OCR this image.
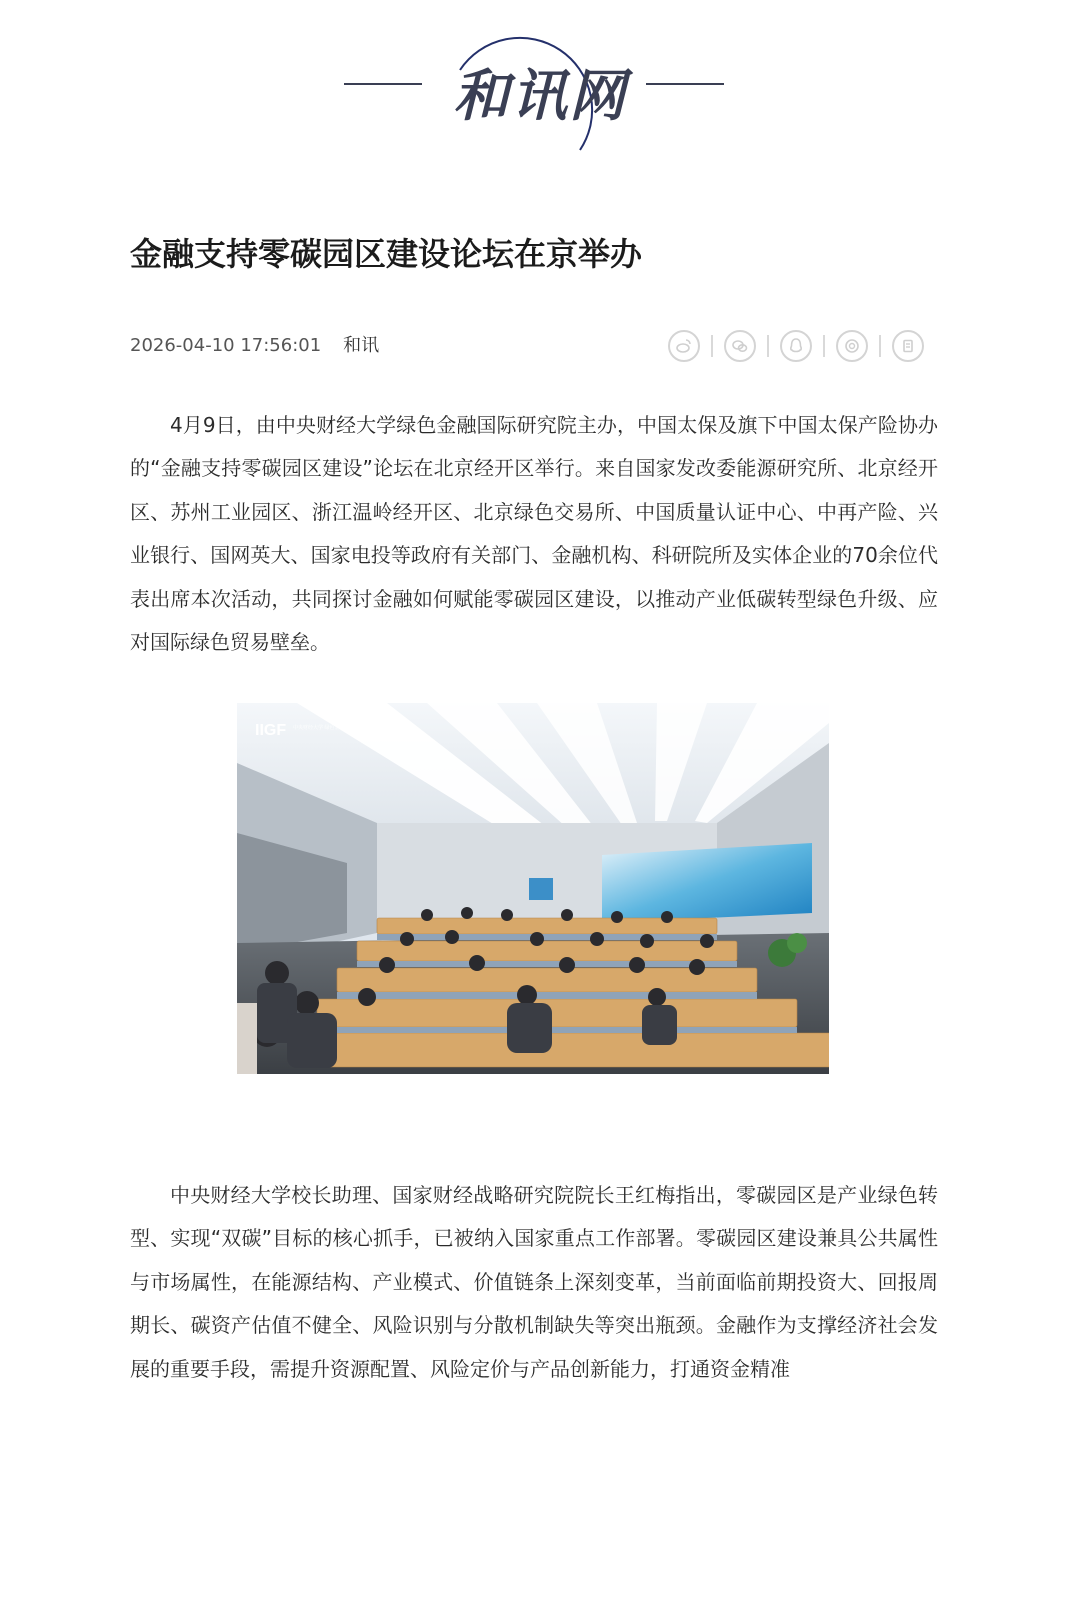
和讯网
金融支持零碳园区建设论坛在京举办
2026-04-10 17:56:01 和讯

4月9日，由中央财经大学绿色金融国际研究院主办，中国太保及旗下中国太保产险协办的“金融支持零碳园区建设”论坛在北京经开区举行。来自国家发改委能源研究所、北京经开区、苏州工业园区、浙江温岭经开区、北京绿色交易所、中国质量认证中心、中再产险、兴业银行、国网英大、国家电投等政府有关部门、金融机构、科研院所及实体企业的70余位代表出席本次活动，共同探讨金融如何赋能零碳园区建设，以推动产业低碳转型绿色升级、应对国际绿色贸易壁垒。

IIGF 中央财经大学 绿色金融国际研究院

中央财经大学校长助理、国家财经战略研究院院长王红梅指出，零碳园区是产业绿色转型、实现“双碳”目标的核心抓手，已被纳入国家重点工作部署。零碳园区建设兼具公共属性与市场属性，在能源结构、产业模式、价值链条上深刻变革，当前面临前期投资大、回报周期长、碳资产估值不健全、风险识别与分散机制缺失等突出瓶颈。金融作为支撑经济社会发展的重要手段，需提升资源配置、风险定价与产品创新能力，打通资金精准
